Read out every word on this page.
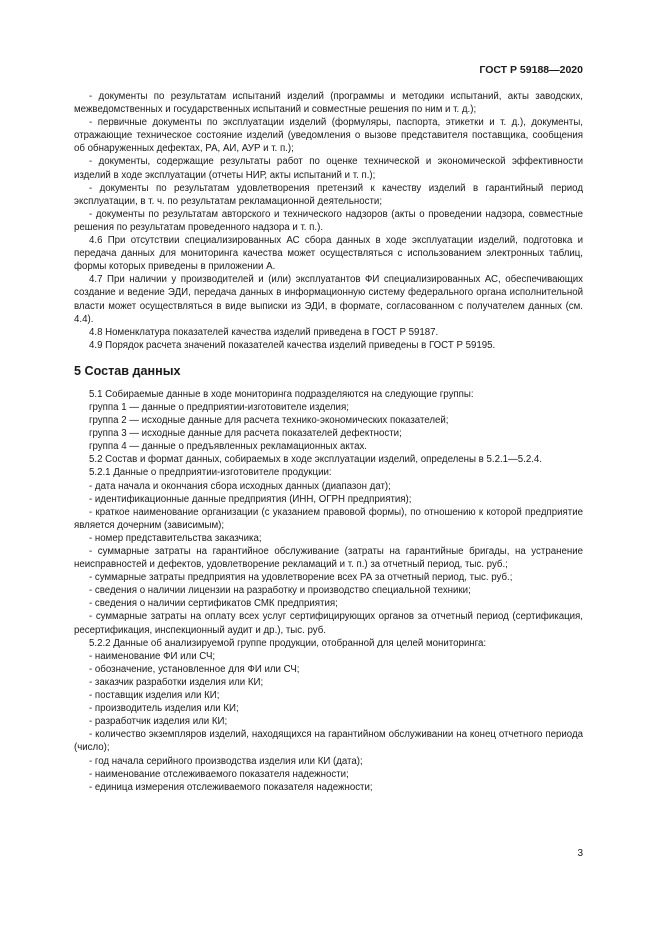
ГОСТ Р 59188—2020

- документы по результатам испытаний изделий (программы и методики испытаний, акты заводских, межведомственных и государственных испытаний и совместные решения по ним и т. д.);

- первичные документы по эксплуатации изделий (формуляры, паспорта, этикетки и т. д.), документы, отражающие техническое состояние изделий (уведомления о вызове представителя поставщика, сообщения об обнаруженных дефектах, РА, АИ, АУР и т. п.);

- документы, содержащие результаты работ по оценке технической и экономической эффективности изделий в ходе эксплуатации (отчеты НИР, акты испытаний и т. п.);

- документы по результатам удовлетворения претензий к качеству изделий в гарантийный период эксплуатации, в т. ч. по результатам рекламационной деятельности;

- документы по результатам авторского и технического надзоров (акты о проведении надзора, совместные решения по результатам проведенного надзора и т. п.).

4.6 При отсутствии специализированных АС сбора данных в ходе эксплуатации изделий, подготовка и передача данных для мониторинга качества может осуществляться с использованием электронных таблиц, формы которых приведены в приложении А.

4.7 При наличии у производителей и (или) эксплуатантов ФИ специализированных АС, обеспечивающих создание и ведение ЭДИ, передача данных в информационную систему федерального органа исполнительной власти может осуществляться в виде выписки из ЭДИ, в формате, согласованном с получателем данных (см. 4.4).

4.8 Номенклатура показателей качества изделий приведена в ГОСТ Р 59187.

4.9 Порядок расчета значений показателей качества изделий приведены в ГОСТ Р 59195.

5 Состав данных

5.1 Собираемые данные в ходе мониторинга подразделяются на следующие группы:

группа 1 — данные о предприятии-изготовителе изделия;

группа 2 — исходные данные для расчета технико-экономических показателей;

группа 3 — исходные данные для расчета показателей дефектности;

группа 4 — данные о предъявленных рекламационных актах.

5.2 Состав и формат данных, собираемых в ходе эксплуатации изделий, определены в 5.2.1—5.2.4.

5.2.1 Данные о предприятии-изготовителе продукции:

- дата начала и окончания сбора исходных данных (диапазон дат);

- идентификационные данные предприятия (ИНН, ОГРН предприятия);

- краткое наименование организации (с указанием правовой формы), по отношению к которой предприятие является дочерним (зависимым);

- номер представительства заказчика;

- суммарные затраты на гарантийное обслуживание (затраты на гарантийные бригады, на устранение неисправностей и дефектов, удовлетворение рекламаций и т. п.) за отчетный период, тыс. руб.;

- суммарные затраты предприятия на удовлетворение всех РА за отчетный период, тыс. руб.;

- сведения о наличии лицензии на разработку и производство специальной техники;

- сведения о наличии сертификатов СМК предприятия;

- суммарные затраты на оплату всех услуг сертифицирующих органов за отчетный период (сертификация, ресертификация, инспекционный аудит и др.), тыс. руб.

5.2.2 Данные об анализируемой группе продукции, отобранной для целей мониторинга:

- наименование ФИ или СЧ;

- обозначение, установленное для ФИ или СЧ;

- заказчик разработки изделия или КИ;

- поставщик изделия или КИ;

- производитель изделия или КИ;

- разработчик изделия или КИ;

- количество экземпляров изделий, находящихся на гарантийном обслуживании на конец отчетного периода (число);

- год начала серийного производства изделия или КИ (дата);

- наименование отслеживаемого показателя надежности;

- единица измерения отслеживаемого показателя надежности;

3
